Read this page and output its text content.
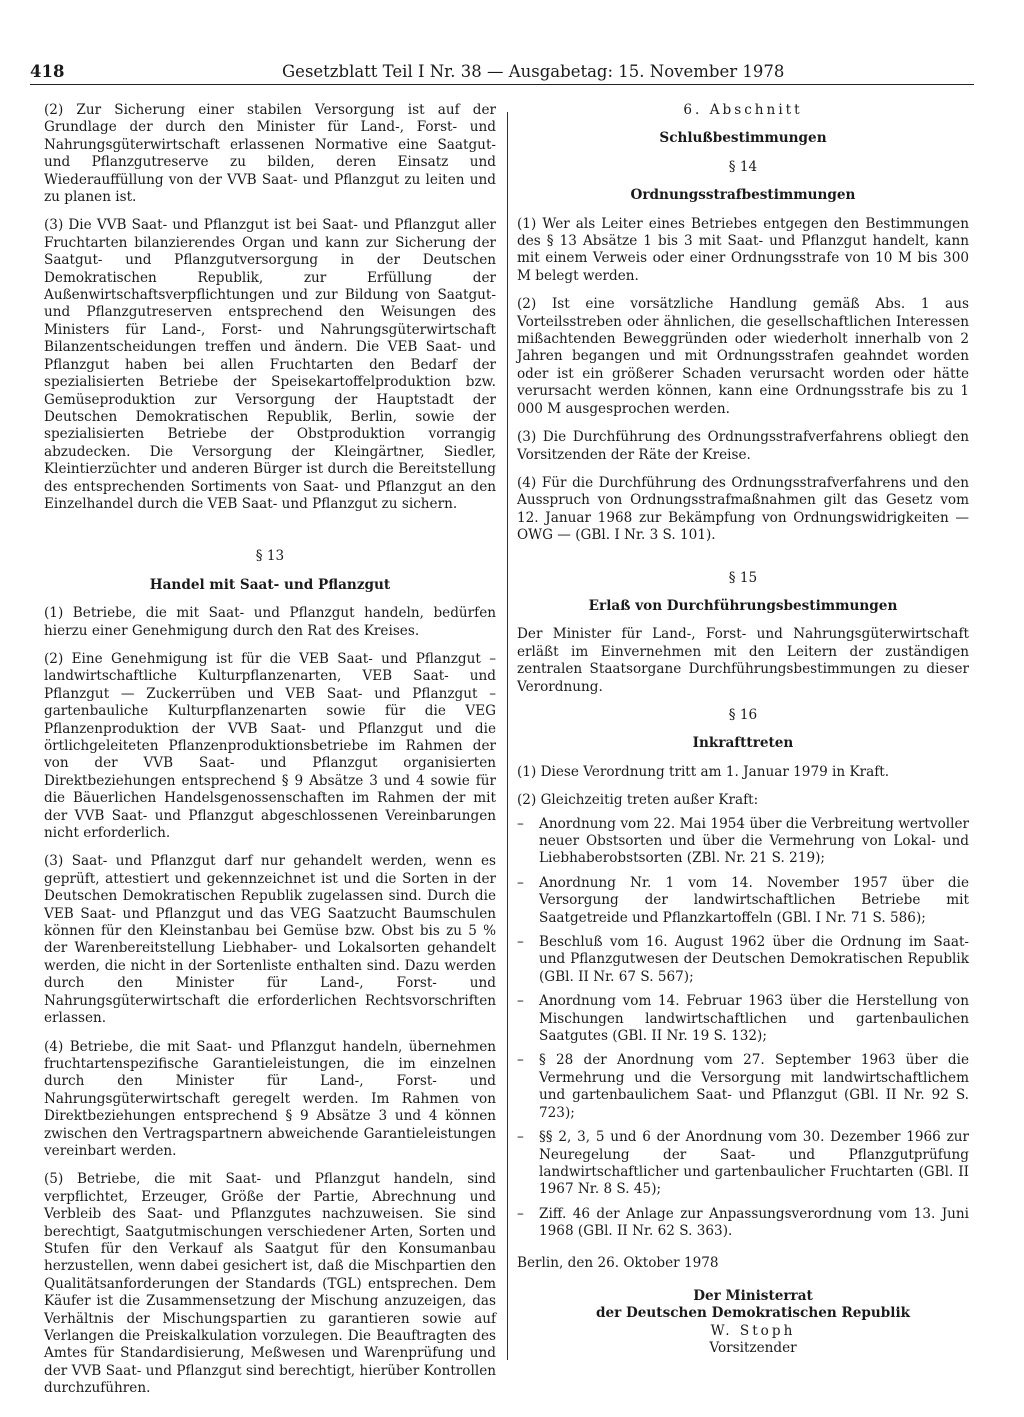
418	Gesetzblatt Teil I Nr. 38 — Ausgabetag: 15. November 1978

(2) Zur Sicherung einer stabilen Versorgung ist auf der Grundlage der durch den Minister für Land-, Forst- und Nahrungsgüterwirtschaft erlassenen Normative eine Saatgut- und Pflanzgutreserve zu bilden, deren Einsatz und Wiederauffüllung von der VVB Saat- und Pflanzgut zu leiten und zu planen ist.

(3) Die VVB Saat- und Pflanzgut ist bei Saat- und Pflanzgut aller Fruchtarten bilanzierendes Organ und kann zur Sicherung der Saatgut- und Pflanzgutversorgung in der Deutschen Demokratischen Republik, zur Erfüllung der Außenwirtschaftsverpflichtungen und zur Bildung von Saatgut- und Pflanzgutreserven entsprechend den Weisungen des Ministers für Land-, Forst- und Nahrungsgüterwirtschaft Bilanzentscheidungen treffen und ändern. Die VEB Saat- und Pflanzgut haben bei allen Fruchtarten den Bedarf der spezialisierten Betriebe der Speisekartoffelproduktion bzw. Gemüseproduktion zur Versorgung der Hauptstadt der Deutschen Demokratischen Republik, Berlin, sowie der spezialisierten Betriebe der Obstproduktion vorrangig abzudecken. Die Versorgung der Kleingärtner, Siedler, Kleintierzüchter und anderen Bürger ist durch die Bereitstellung des entsprechenden Sortiments von Saat- und Pflanzgut an den Einzelhandel durch die VEB Saat- und Pflanzgut zu sichern.

§ 13

Handel mit Saat- und Pflanzgut

(1) Betriebe, die mit Saat- und Pflanzgut handeln, bedürfen hierzu einer Genehmigung durch den Rat des Kreises.

(2) Eine Genehmigung ist für die VEB Saat- und Pflanzgut – landwirtschaftliche Kulturpflanzenarten, VEB Saat- und Pflanzgut — Zuckerrüben und VEB Saat- und Pflanzgut – gartenbauliche Kulturpflanzenarten sowie für die VEG Pflanzenproduktion der VVB Saat- und Pflanzgut und die örtlichgeleiteten Pflanzenproduktionsbetriebe im Rahmen der von der VVB Saat- und Pflanzgut organisierten Direktbeziehungen entsprechend § 9 Absätze 3 und 4 sowie für die Bäuerlichen Handelsgenossenschaften im Rahmen der mit der VVB Saat- und Pflanzgut abgeschlossenen Vereinbarungen nicht erforderlich.

(3) Saat- und Pflanzgut darf nur gehandelt werden, wenn es geprüft, attestiert und gekennzeichnet ist und die Sorten in der Deutschen Demokratischen Republik zugelassen sind. Durch die VEB Saat- und Pflanzgut und das VEG Saatzucht Baumschulen können für den Kleinstanbau bei Gemüse bzw. Obst bis zu 5 % der Warenbereitstellung Liebhaber- und Lokalsorten gehandelt werden, die nicht in der Sortenliste enthalten sind. Dazu werden durch den Minister für Land-, Forst- und Nahrungsgüterwirtschaft die erforderlichen Rechtsvorschriften erlassen.

(4) Betriebe, die mit Saat- und Pflanzgut handeln, übernehmen fruchtartenspezifische Garantieleistungen, die im einzelnen durch den Minister für Land-, Forst- und Nahrungsgüterwirtschaft geregelt werden. Im Rahmen von Direktbeziehungen entsprechend § 9 Absätze 3 und 4 können zwischen den Vertragspartnern abweichende Garantieleistungen vereinbart werden.

(5) Betriebe, die mit Saat- und Pflanzgut handeln, sind verpflichtet, Erzeuger, Größe der Partie, Abrechnung und Verbleib des Saat- und Pflanzgutes nachzuweisen. Sie sind berechtigt, Saatgutmischungen verschiedener Arten, Sorten und Stufen für den Verkauf als Saatgut für den Konsumanbau herzustellen, wenn dabei gesichert ist, daß die Mischpartien den Qualitätsanforderungen der Standards (TGL) entsprechen. Dem Käufer ist die Zusammensetzung der Mischung anzuzeigen, das Verhältnis der Mischungspartien zu garantieren sowie auf Verlangen die Preiskalkulation vorzulegen. Die Beauftragten des Amtes für Standardisierung, Meßwesen und Warenprüfung und der VVB Saat- und Pflanzgut sind berechtigt, hierüber Kontrollen durchzuführen.

6. Abschnitt

Schlußbestimmungen

§ 14

Ordnungsstrafbestimmungen

(1) Wer als Leiter eines Betriebes entgegen den Bestimmungen des § 13 Absätze 1 bis 3 mit Saat- und Pflanzgut handelt, kann mit einem Verweis oder einer Ordnungsstrafe von 10 M bis 300 M belegt werden.

(2) Ist eine vorsätzliche Handlung gemäß Abs. 1 aus Vorteilsstreben oder ähnlichen, die gesellschaftlichen Interessen mißachtenden Beweggründen oder wiederholt innerhalb von 2 Jahren begangen und mit Ordnungsstrafen geahndet worden oder ist ein größerer Schaden verursacht worden oder hätte verursacht werden können, kann eine Ordnungsstrafe bis zu 1 000 M ausgesprochen werden.

(3) Die Durchführung des Ordnungsstrafverfahrens obliegt den Vorsitzenden der Räte der Kreise.

(4) Für die Durchführung des Ordnungsstrafverfahrens und den Ausspruch von Ordnungsstrafmaßnahmen gilt das Gesetz vom 12. Januar 1968 zur Bekämpfung von Ordnungswidrigkeiten — OWG — (GBl. I Nr. 3 S. 101).

§ 15

Erlaß von Durchführungsbestimmungen

Der Minister für Land-, Forst- und Nahrungsgüterwirtschaft erläßt im Einvernehmen mit den Leitern der zuständigen zentralen Staatsorgane Durchführungsbestimmungen zu dieser Verordnung.

§ 16

Inkrafttreten

(1) Diese Verordnung tritt am 1. Januar 1979 in Kraft.

(2) Gleichzeitig treten außer Kraft:

– Anordnung vom 22. Mai 1954 über die Verbreitung wertvoller neuer Obstsorten und über die Vermehrung von Lokal- und Liebhaberobstsorten (ZBl. Nr. 21 S. 219);
– Anordnung Nr. 1 vom 14. November 1957 über die Versorgung der landwirtschaftlichen Betriebe mit Saatgetreide und Pflanzkartoffeln (GBl. I Nr. 71 S. 586);
– Beschluß vom 16. August 1962 über die Ordnung im Saat- und Pflanzgutwesen der Deutschen Demokratischen Republik (GBl. II Nr. 67 S. 567);
– Anordnung vom 14. Februar 1963 über die Herstellung von Mischungen landwirtschaftlichen und gartenbaulichen Saatgutes (GBl. II Nr. 19 S. 132);
– § 28 der Anordnung vom 27. September 1963 über die Vermehrung und die Versorgung mit landwirtschaftlichem und gartenbaulichem Saat- und Pflanzgut (GBl. II Nr. 92 S. 723);
– §§ 2, 3, 5 und 6 der Anordnung vom 30. Dezember 1966 zur Neuregelung der Saat- und Pflanzgutprüfung landwirtschaftlicher und gartenbaulicher Fruchtarten (GBl. II 1967 Nr. 8 S. 45);
– Ziff. 46 der Anlage zur Anpassungsverordnung vom 13. Juni 1968 (GBl. II Nr. 62 S. 363).

Berlin, den 26. Oktober 1978

Der Ministerrat
der Deutschen Demokratischen Republik
W. Stoph
Vorsitzender
